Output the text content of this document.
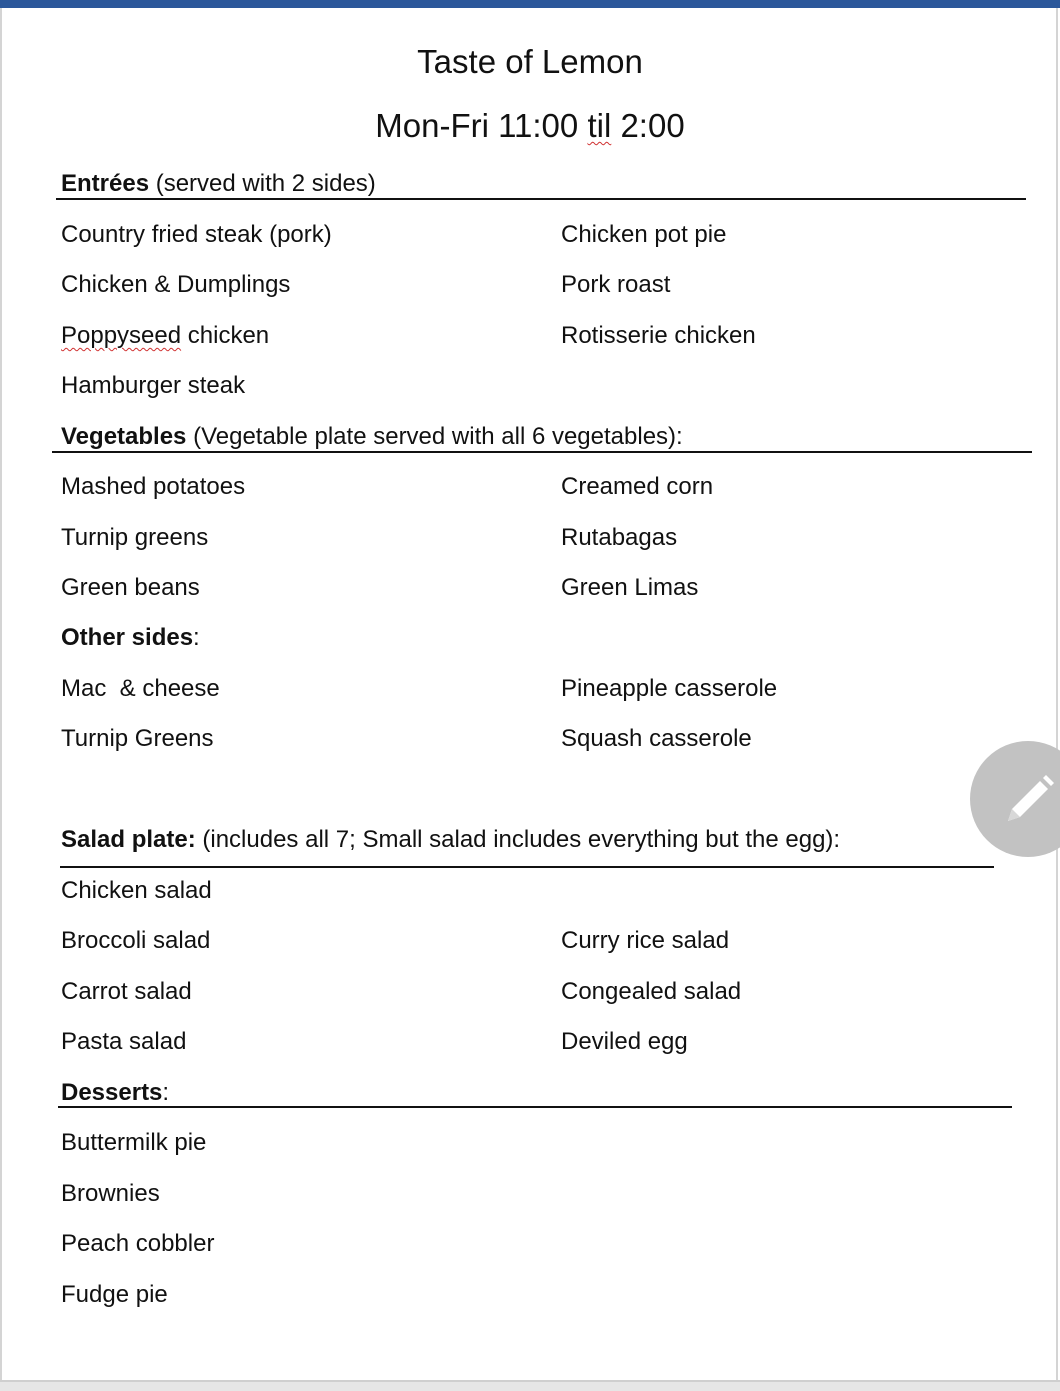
Taste of Lemon
Mon-Fri 11:00 til 2:00
Entrées (served with 2 sides)
Country fried steak (pork)
Chicken & Dumplings
Poppyseed chicken
Hamburger steak
Chicken pot pie
Pork roast
Rotisserie chicken
Vegetables (Vegetable plate served with all 6 vegetables):
Mashed potatoes
Turnip greens
Green beans
Creamed corn
Rutabagas
Green Limas
Other sides:
Mac  & cheese
Turnip Greens
Pineapple casserole
Squash casserole
Salad plate: (includes all 7; Small salad includes everything but the egg):
Chicken salad
Broccoli salad
Carrot salad
Pasta salad
Curry rice salad
Congealed salad
Deviled egg
Desserts:
Buttermilk pie
Brownies
Peach cobbler
Fudge pie
